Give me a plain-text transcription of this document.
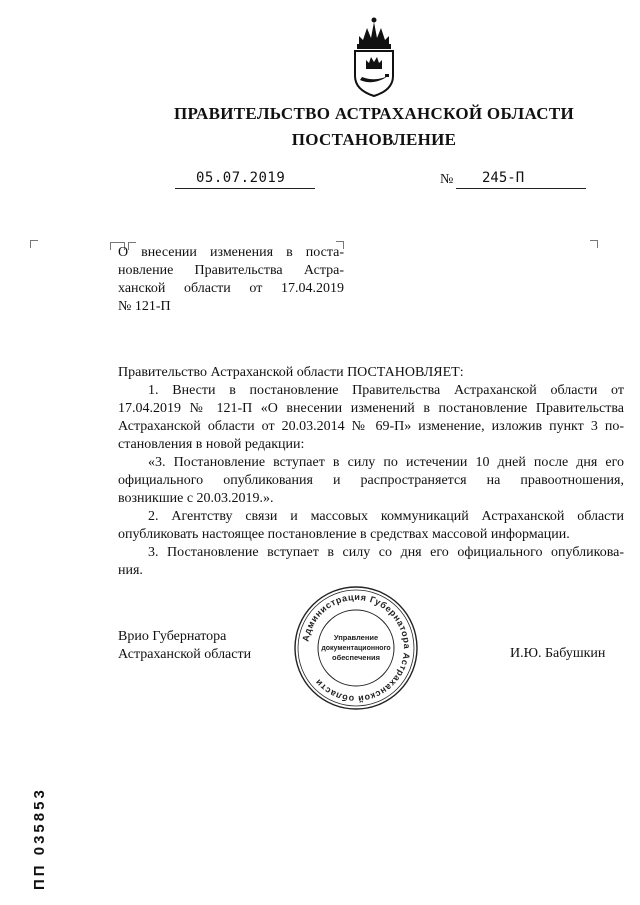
ПРАВИТЕЛЬСТВО АСТРАХАНСКОЙ ОБЛАСТИ
ПОСТАНОВЛЕНИЕ
05.07.2019	№ 245-П
О внесении изменения в поста-
новление Правительства Астра-
ханской области от 17.04.2019
№ 121-П
Правительство Астраханской области ПОСТАНОВЛЯЕТ:
1. Внести в постановление Правительства Астраханской области от
17.04.2019 № 121-П «О внесении изменений в постановление Правительства
Астраханской области от 20.03.2014 № 69-П» изменение, изложив пункт 3 по-
становления в новой редакции:
«3. Постановление вступает в силу по истечении 10 дней после дня его
официального опубликования и распространяется на правоотношения,
возникшие с 20.03.2019.».
2. Агентству связи и массовых коммуникаций Астраханской области
опубликовать настоящее постановление в средствах массовой информации.
3. Постановление вступает в силу со дня его официального опубликова-
ния.
Врио Губернатора
Астраханской области	И.Ю. Бабушкин
Администрация Губернатора Астраханской области
Управление
документационного
обеспечения
ПП 035853
